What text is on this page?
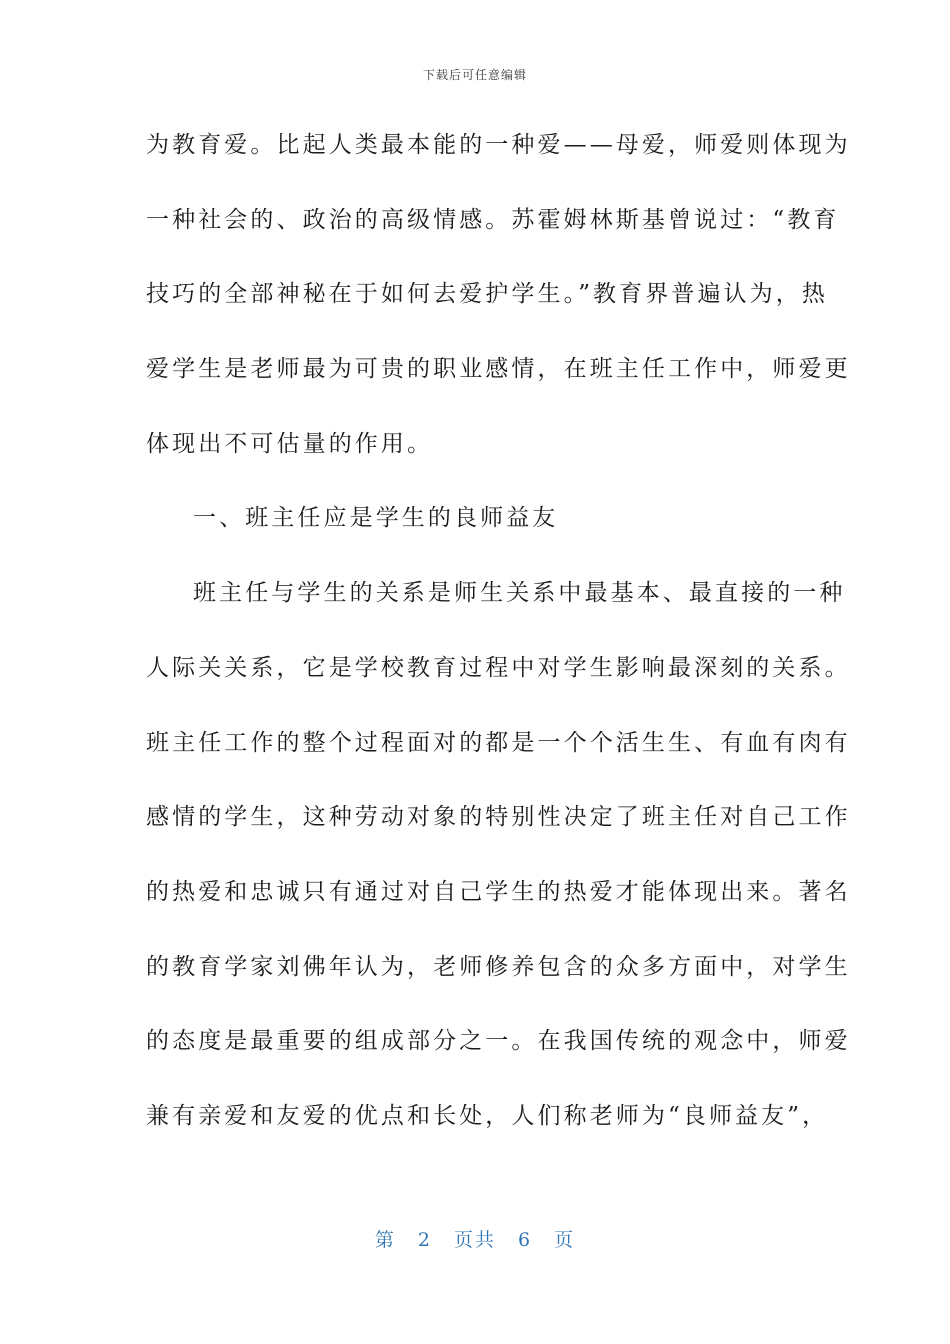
下载后可任意编辑
为教育爱。比起人类最本能的一种爱——母爱，师爱则体现为
一种社会的、政治的高级情感。苏霍姆林斯基曾说过：“教育
技巧的全部神秘在于如何去爱护学生。”教育界普遍认为，热
爱学生是老师最为可贵的职业感情，在班主任工作中，师爱更
体现出不可估量的作用。
一、班主任应是学生的良师益友
班主任与学生的关系是师生关系中最基本、最直接的一种
人际关关系，它是学校教育过程中对学生影响最深刻的关系。
班主任工作的整个过程面对的都是一个个活生生、有血有肉有
感情的学生，这种劳动对象的特别性决定了班主任对自己工作
的热爱和忠诚只有通过对自己学生的热爱才能体现出来。著名
的教育学家刘佛年认为，老师修养包含的众多方面中，对学生
的态度是最重要的组成部分之一。在我国传统的观念中，师爱
兼有亲爱和友爱的优点和长处，人们称老师为“良师益友”，
第 2 页共 6 页
